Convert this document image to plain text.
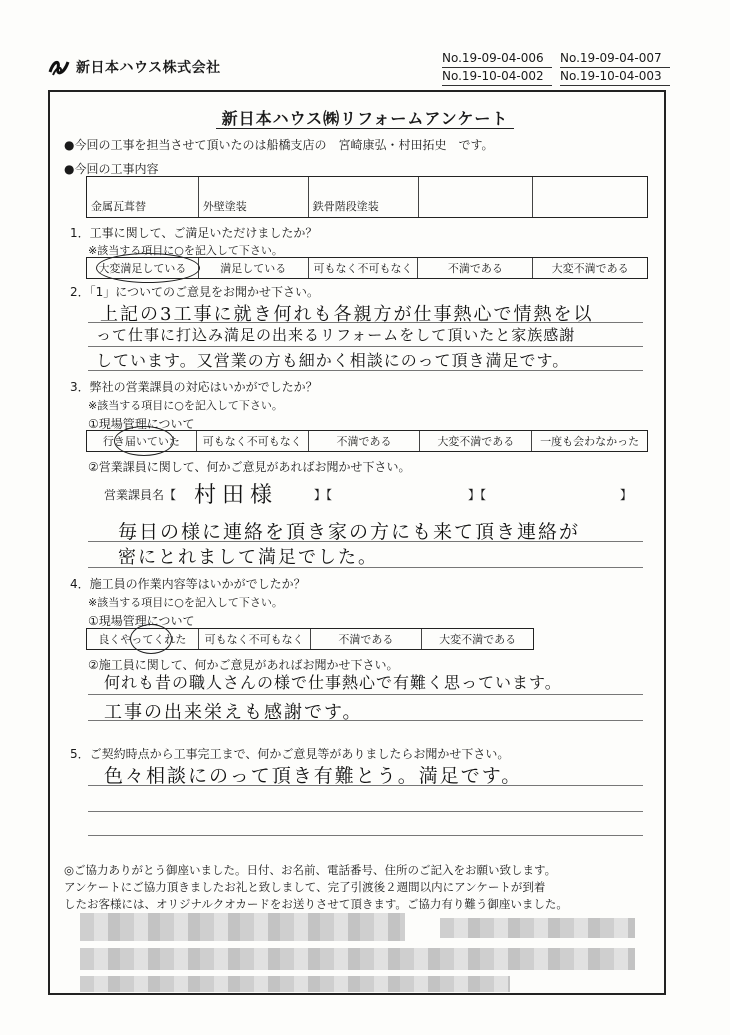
新日本ハウス株式会社
No.19-09-04-006	No.19-09-04-007
No.19-10-04-002	No.19-10-04-003
新日本ハウス㈱リフォームアンケート
●今回の工事を担当させて頂いたのは船橋支店の　宮崎康弘・村田拓史　です。
●今回の工事内容
金属瓦葺替	外壁塗装	鉄骨階段塗装
1．工事に関して、ご満足いただけましたか？
※該当する項目に○を記入して下さい。
大変満足している	満足している	可もなく不可もなく	不満である	大変不満である
2．「1」についてのご意見をお聞かせ下さい。
上記の3工事に就き何れも各親方が仕事熱心で情熱を以
って仕事に打込み満足の出来るリフォームをして頂いたと家族感謝
しています。又営業の方も細かく相談にのって頂き満足です。
3．弊社の営業課員の対応はいかがでしたか？
※該当する項目に○を記入して下さい。
①現場管理について
行き届いていた	可もなく不可もなく	不満である	大変不満である	一度も会わなかった
②営業課員に関して、何かご意見があればお聞かせ下さい。
営業課員名【 村田様	】【	】【	】
毎日の様に連絡を頂き家の方にも来て頂き連絡が
密にとれまして満足でした。
4．施工員の作業内容等はいかがでしたか？
※該当する項目に○を記入して下さい。
①現場管理について
良くやってくれた	可もなく不可もなく	不満である	大変不満である
②施工員に関して、何かご意見があればお聞かせ下さい。
何れも昔の職人さんの様で仕事熱心で有難く思っています。
工事の出来栄えも感謝です。
5．ご契約時点から工事完工まで、何かご意見等がありましたらお聞かせ下さい。
色々相談にのって頂き有難とう。満足です。
◎ご協力ありがとう御座いました。日付、お名前、電話番号、住所のご記入をお願い致します。
アンケートにご協力頂きましたお礼と致しまして、完了引渡後２週間以内にアンケートが到着
したお客様には、オリジナルクオカードをお送りさせて頂きます。ご協力有り難う御座いました。
